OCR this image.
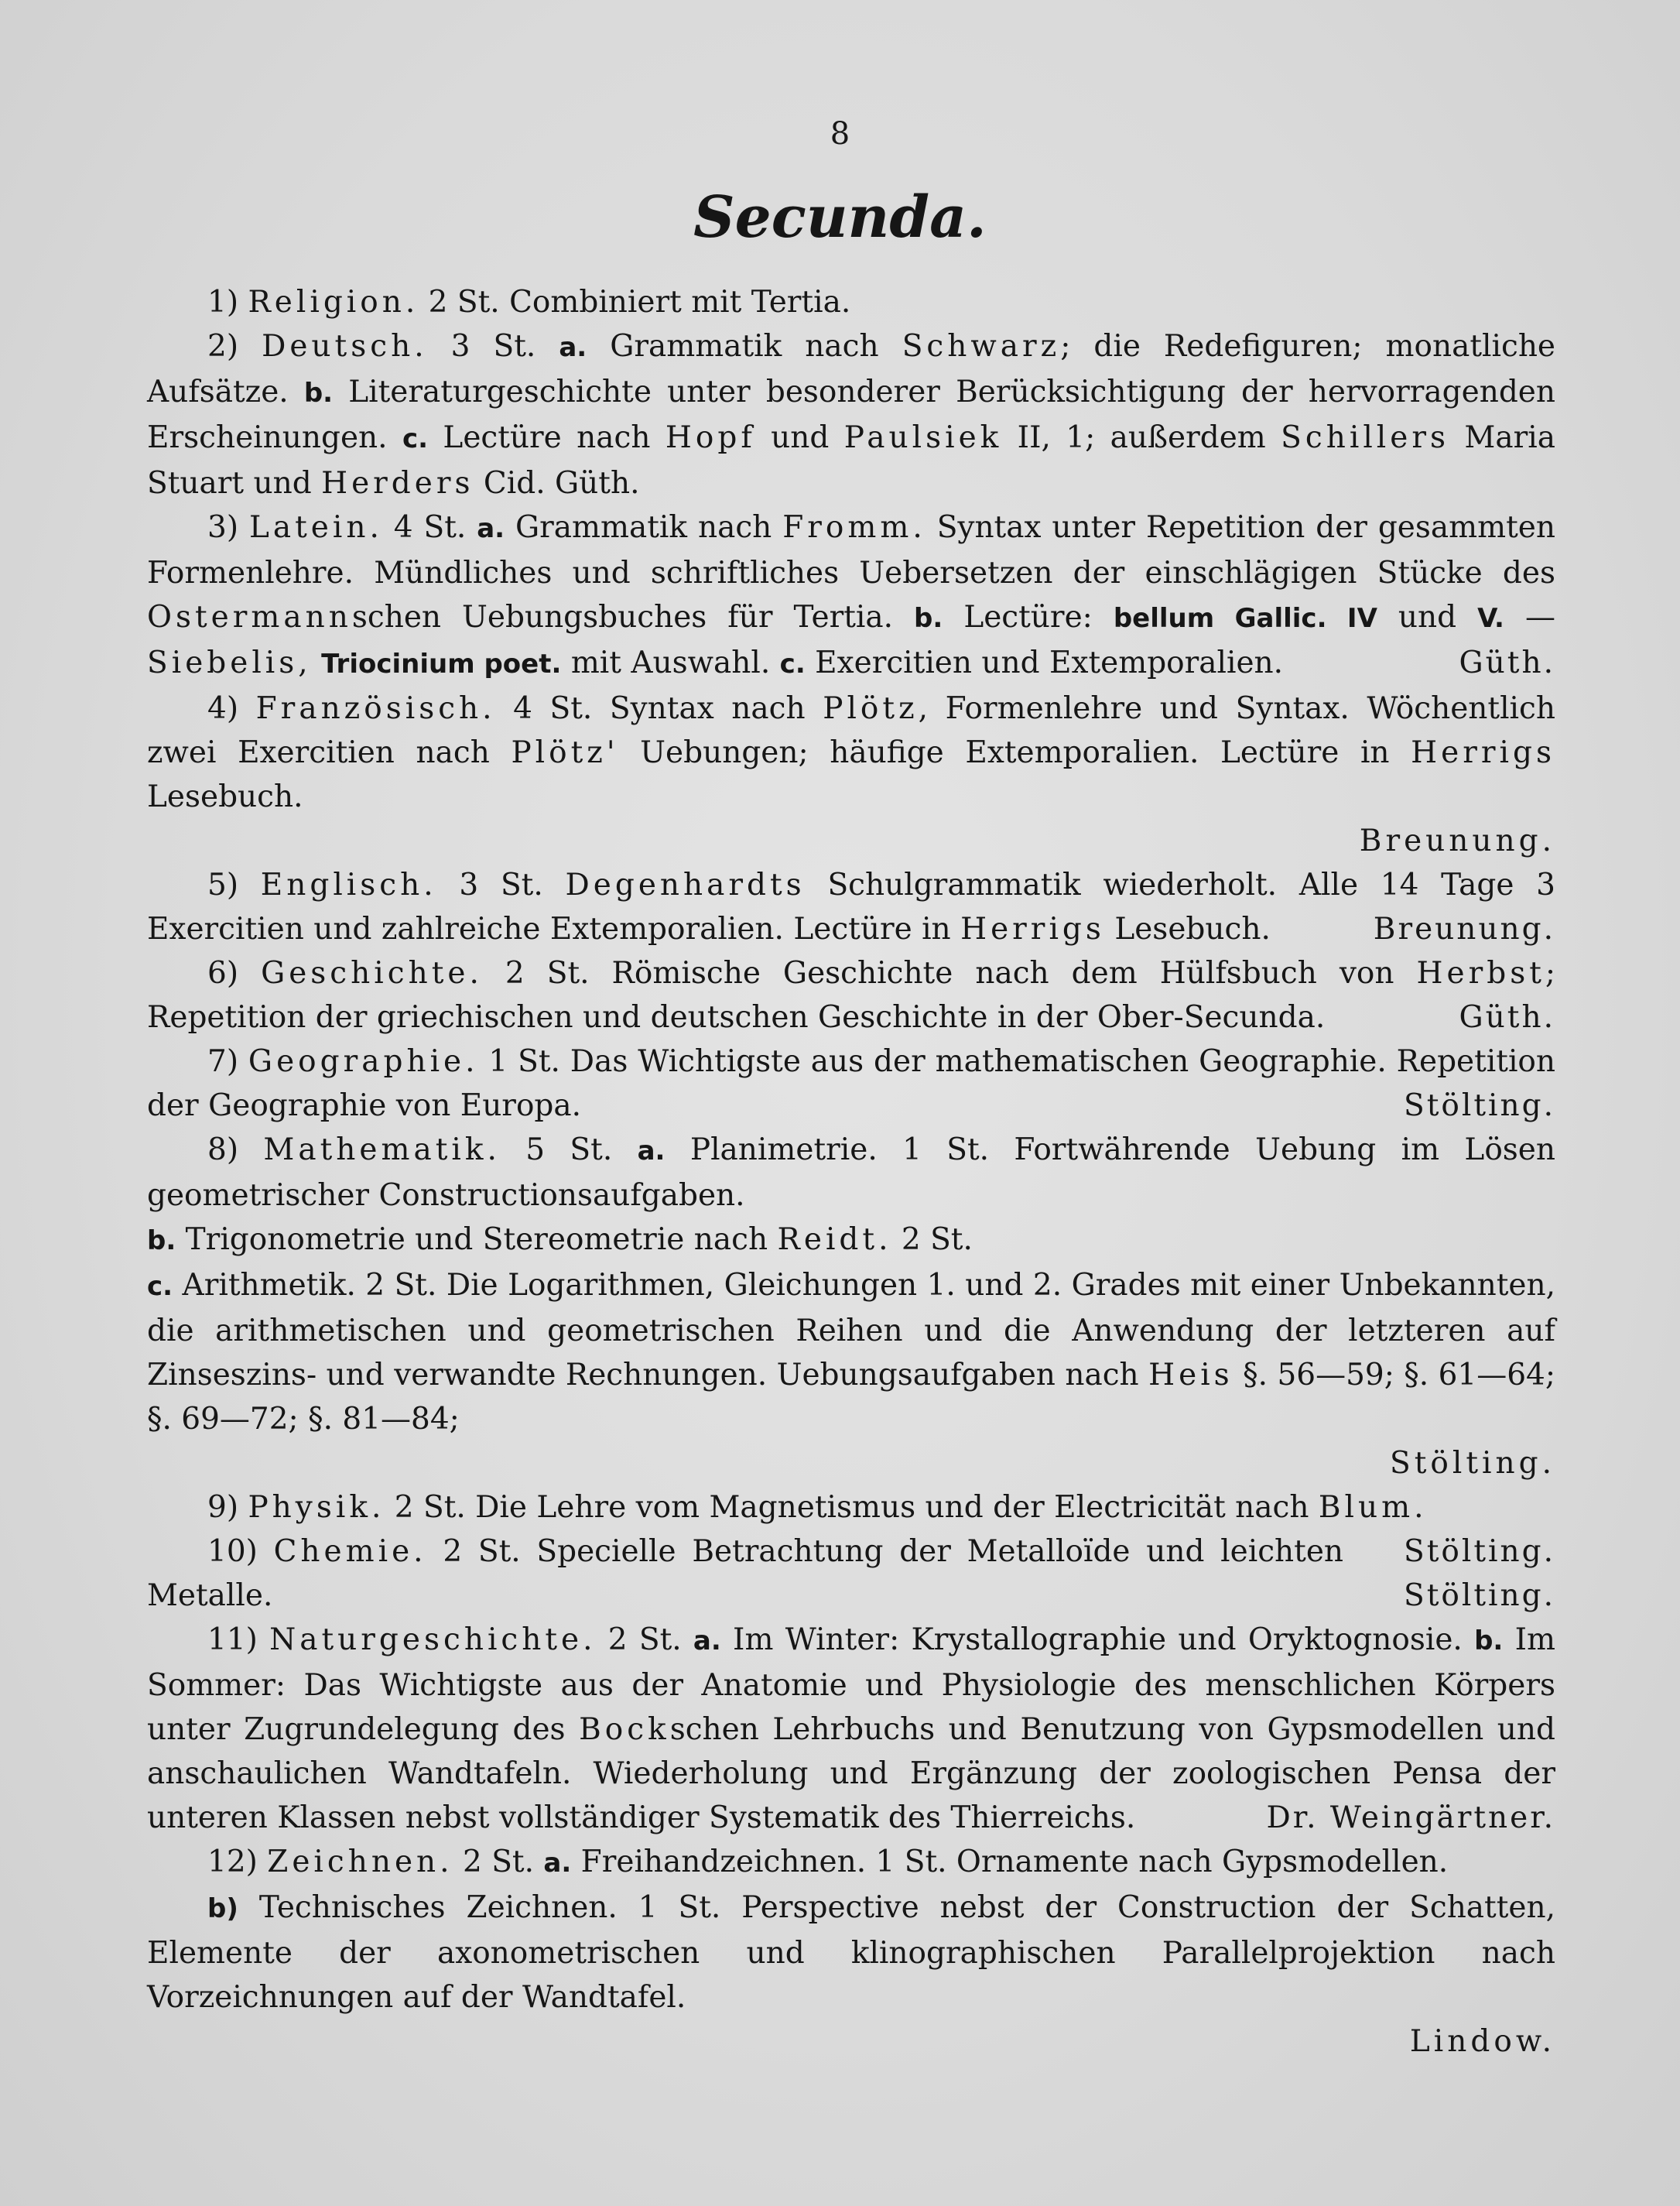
8
Secunda.

1) Religion. 2 St. Combiniert mit Tertia.

2) Deutsch. 3 St. a. Grammatik nach Schwarz; die Redefiguren; monatliche Aufsätze. b. Literaturgeschichte unter besonderer Berücksichtigung der hervorragenden Erscheinungen. c. Lectüre nach Hopf und Paulsiek II, 1; außerdem Schillers Maria Stuart und Herders Cid. Güth.

3) Latein. 4 St. a. Grammatik nach Fromm. Syntax unter Repetition der gesammten Formenlehre. Mündliches und schriftliches Uebersetzen der einschlägigen Stücke des Ostermannschen Uebungsbuches für Tertia. b. Lectüre: bellum Gallic. IV und V. — Siebelis, Triocinium poet. mit Auswahl. c. Exercitien und Extemporalien.	Güth.

4) Französisch. 4 St. Syntax nach Plötz, Formenlehre und Syntax. Wöchentlich zwei Exercitien nach Plötz' Uebungen; häufige Extemporalien. Lectüre in Herrigs Lesebuch.

Breunung.

5) Englisch. 3 St. Degenhardts Schulgrammatik wiederholt. Alle 14 Tage 3 Exercitien und zahlreiche Extemporalien. Lectüre in Herrigs Lesebuch.	Breunung.

6) Geschichte. 2 St. Römische Geschichte nach dem Hülfsbuch von Herbst; Repetition der griechischen und deutschen Geschichte in der Ober-Secunda.	Güth.

7) Geographie. 1 St. Das Wichtigste aus der mathematischen Geographie. Repetition der Geographie von Europa.	Stölting.

8) Mathematik. 5 St. a. Planimetrie. 1 St. Fortwährende Uebung im Lösen geometrischer Constructionsaufgaben.

b. Trigonometrie und Stereometrie nach Reidt. 2 St.

c. Arithmetik. 2 St. Die Logarithmen, Gleichungen 1. und 2. Grades mit einer Unbekannten, die arithmetischen und geometrischen Reihen und die Anwendung der letzteren auf Zinseszins- und verwandte Rechnungen. Uebungsaufgaben nach Heis §. 56—59; §. 61—64; §. 69—72; §. 81—84;

Stölting.

9) Physik. 2 St. Die Lehre vom Magnetismus und der Electricität nach Blum.
Stölting.

10) Chemie. 2 St. Specielle Betrachtung der Metalloïde und leichten Metalle.	Stölting.

11) Naturgeschichte. 2 St. a. Im Winter: Krystallographie und Oryktognosie. b. Im Sommer: Das Wichtigste aus der Anatomie und Physiologie des menschlichen Körpers unter Zugrundelegung des Bockschen Lehrbuchs und Benutzung von Gypsmodellen und anschaulichen Wandtafeln. Wiederholung und Ergänzung der zoologischen Pensa der unteren Klassen nebst vollständiger Systematik des Thierreichs.	Dr. Weingärtner.

12) Zeichnen. 2 St. a. Freihandzeichnen. 1 St. Ornamente nach Gypsmodellen.

b) Technisches Zeichnen. 1 St. Perspective nebst der Construction der Schatten, Elemente der axonometrischen und klinographischen Parallelprojektion nach Vorzeichnungen auf der Wandtafel.

Lindow.
